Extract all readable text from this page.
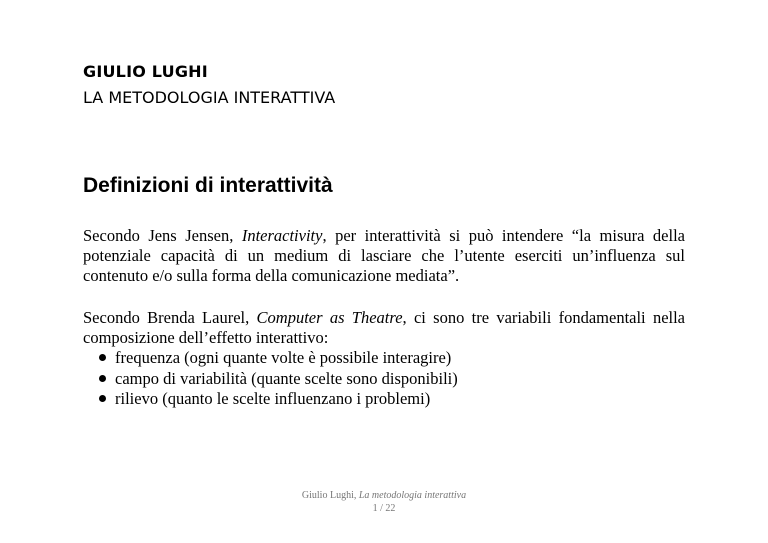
GIULIO LUGHI
LA METODOLOGIA INTERATTIVA
Definizioni di interattività
Secondo Jens Jensen, Interactivity, per interattività si può intendere “la misura della potenziale capacità di un medium di lasciare che l’utente eserciti un’influenza sul contenuto e/o sulla forma della comunicazione mediata”.
Secondo Brenda Laurel, Computer as Theatre, ci sono tre variabili fondamentali nella composizione dell’effetto interattivo:
frequenza (ogni quante volte è possibile interagire)
campo di variabilità (quante scelte sono disponibili)
rilievo (quanto le scelte influenzano i problemi)
Giulio Lughi, La metodologia interattiva
1 / 22
